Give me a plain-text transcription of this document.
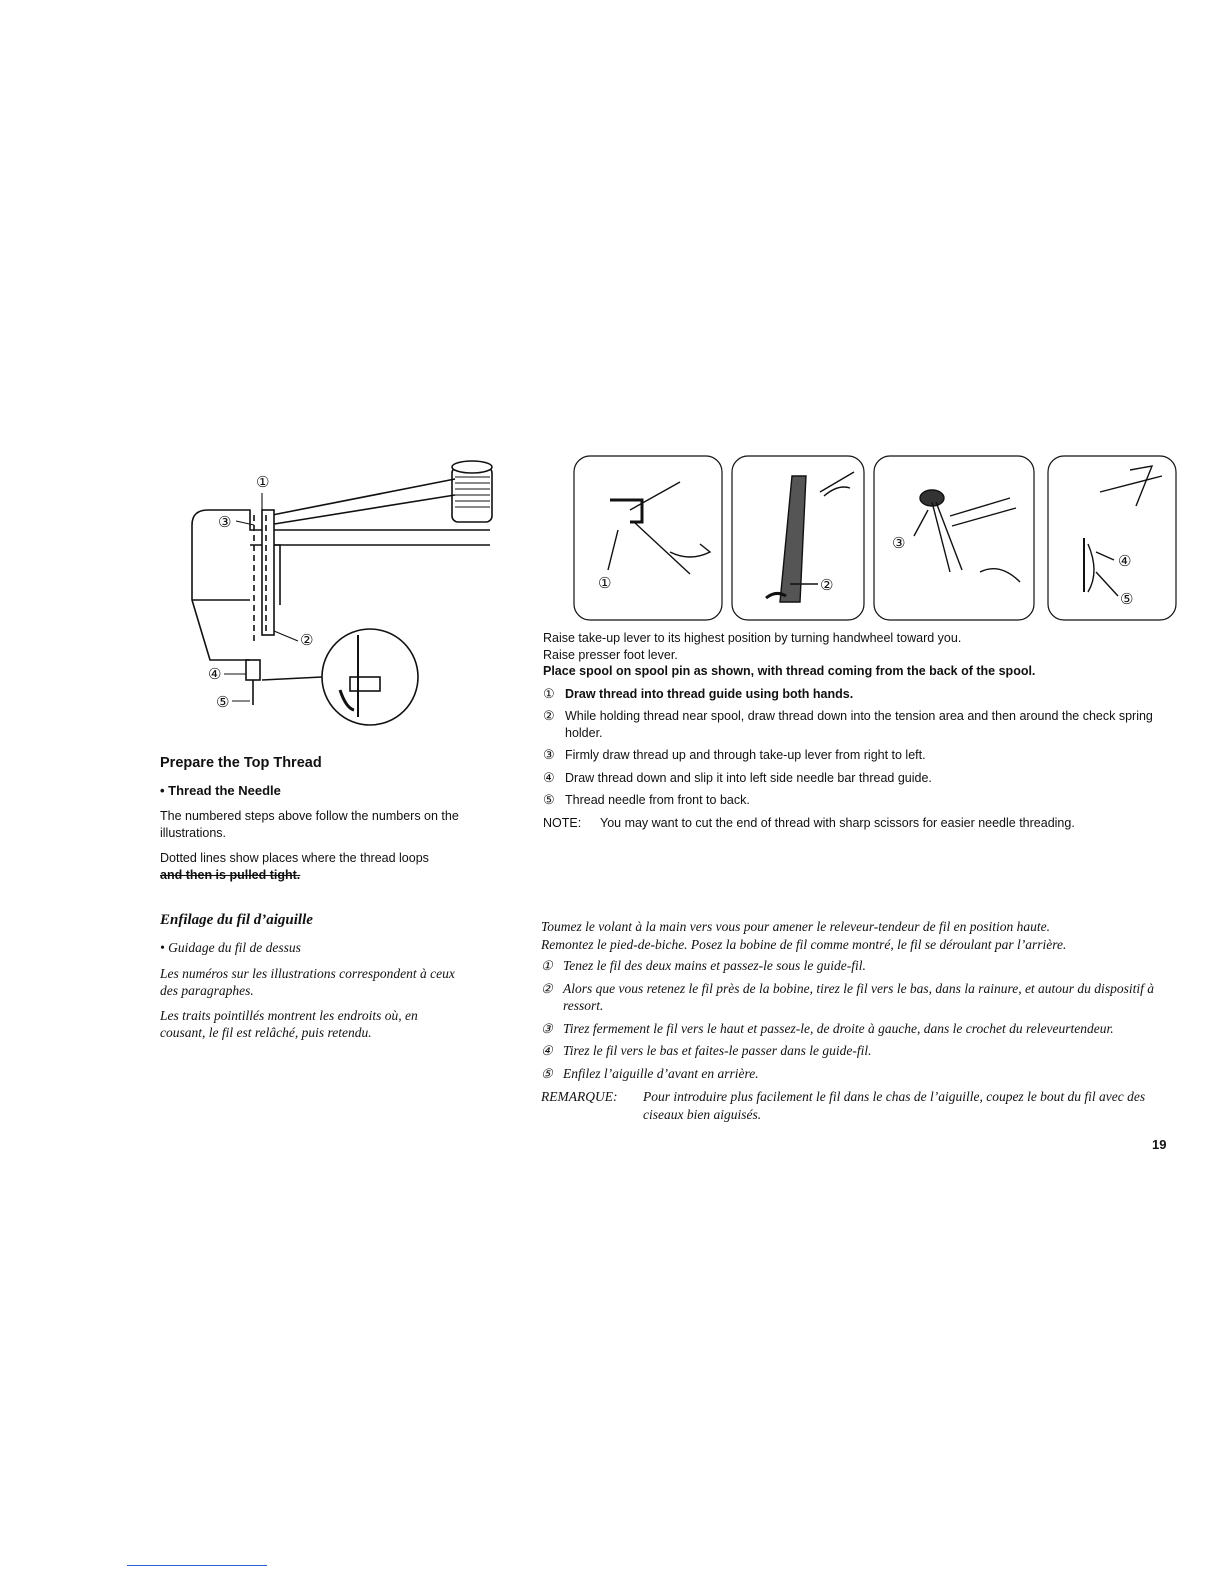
①
③
②
④
⑤
①	②
③
④
⑤
Prepare the Top Thread
• Thread the Needle

The numbered steps above follow the numbers on the illustrations.

Dotted lines show places where the thread loops
and then is pulled tight.

Enfilage du fil d’aiguille
• Guidage du fil de dessus

Les numéros sur les illustrations correspondent à ceux des paragraphes.

Les traits pointillés montrent les endroits où, en cousant, le fil est relâché, puis retendu.

Raise take-up lever to its highest position by turning handwheel toward you.

Raise presser foot lever.

Place spool on spool pin as shown, with thread coming from the back of the spool.

① Draw thread into thread guide using both hands.
② While holding thread near spool, draw thread down into the tension area and then around the check spring holder.
③ Firmly draw thread up and through take-up lever from right to left.
④ Draw thread down and slip it into left side needle bar thread guide.
⑤ Thread needle from front to back.
NOTE:	You may want to cut the end of thread with sharp scissors for easier needle threading.

Toumez le volant à la main vers vous pour amener le releveur-tendeur de fil en position haute.

Remontez le pied-de-biche. Posez la bobine de fil comme montré, le fil se déroulant par l’arrière.

① Tenez le fil des deux mains et passez-le sous le guide-fil.
② Alors que vous retenez le fil près de la bobine, tirez le fil vers le bas, dans la rainure, et autour du dispositif à ressort.
③ Tirez fermement le fil vers le haut et passez-le, de droite à gauche, dans le crochet du releveurtendeur.
④ Tirez le fil vers le bas et faites-le passer dans le guide-fil.
⑤ Enfilez l’aiguille d’avant en arrière.
REMARQUE:	Pour introduire plus facilement le fil dans le chas de l’aiguille, coupez le bout du fil avec des ciseaux bien aiguisés.
19
